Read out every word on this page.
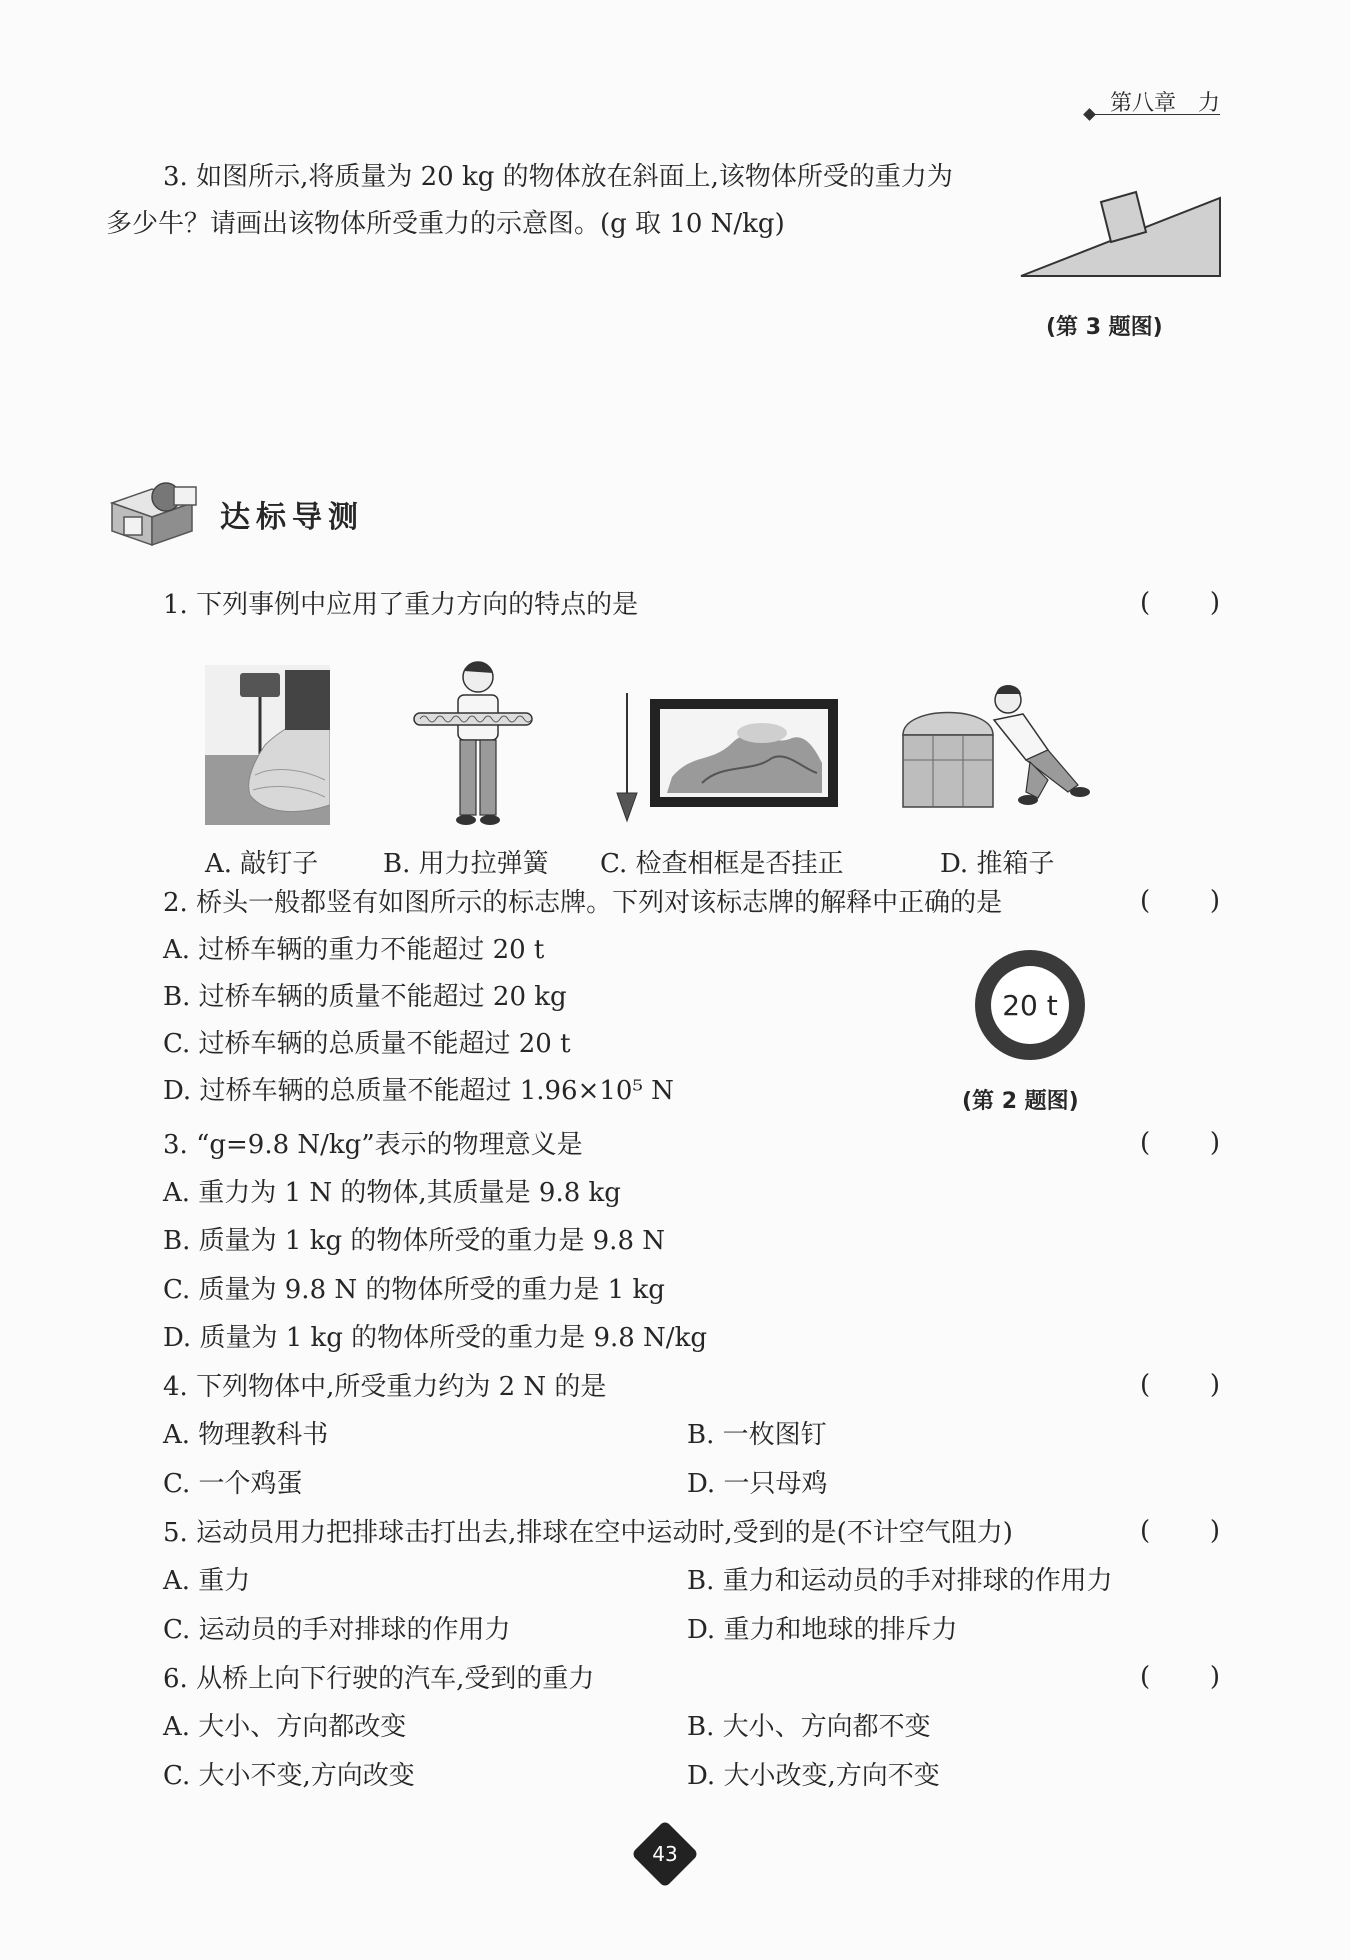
第八章　力
3. 如图所示,将质量为 20 kg 的物体放在斜面上,该物体所受的重力为
多少牛？请画出该物体所受重力的示意图。(g 取 10 N/kg)
(第 3 题图)
达标导测
1. 下列事例中应用了重力方向的特点的是	( )
A. 敲钉子 B. 用力拉弹簧 C. 检查相框是否挂正	D. 推箱子
2. 桥头一般都竖有如图所示的标志牌。下列对该标志牌的解释中正确的是	( )
A. 过桥车辆的重力不能超过 20 t
B. 过桥车辆的质量不能超过 20 kg
C. 过桥车辆的总质量不能超过 20 t
D. 过桥车辆的总质量不能超过 1.96×10⁵ N
20 t
(第 2 题图)
3. “g=9.8 N/kg”表示的物理意义是	( )
A. 重力为 1 N 的物体,其质量是 9.8 kg
B. 质量为 1 kg 的物体所受的重力是 9.8 N
C. 质量为 9.8 N 的物体所受的重力是 1 kg
D. 质量为 1 kg 的物体所受的重力是 9.8 N/kg
4. 下列物体中,所受重力约为 2 N 的是	( )
A. 物理教科书	B. 一枚图钉
C. 一个鸡蛋	D. 一只母鸡
5. 运动员用力把排球击打出去,排球在空中运动时,受到的是(不计空气阻力)	( )
A. 重力	B. 重力和运动员的手对排球的作用力
C. 运动员的手对排球的作用力	D. 重力和地球的排斥力
6. 从桥上向下行驶的汽车,受到的重力	( )
A. 大小、方向都改变	B. 大小、方向都不变
C. 大小不变,方向改变	D. 大小改变,方向不变
43
